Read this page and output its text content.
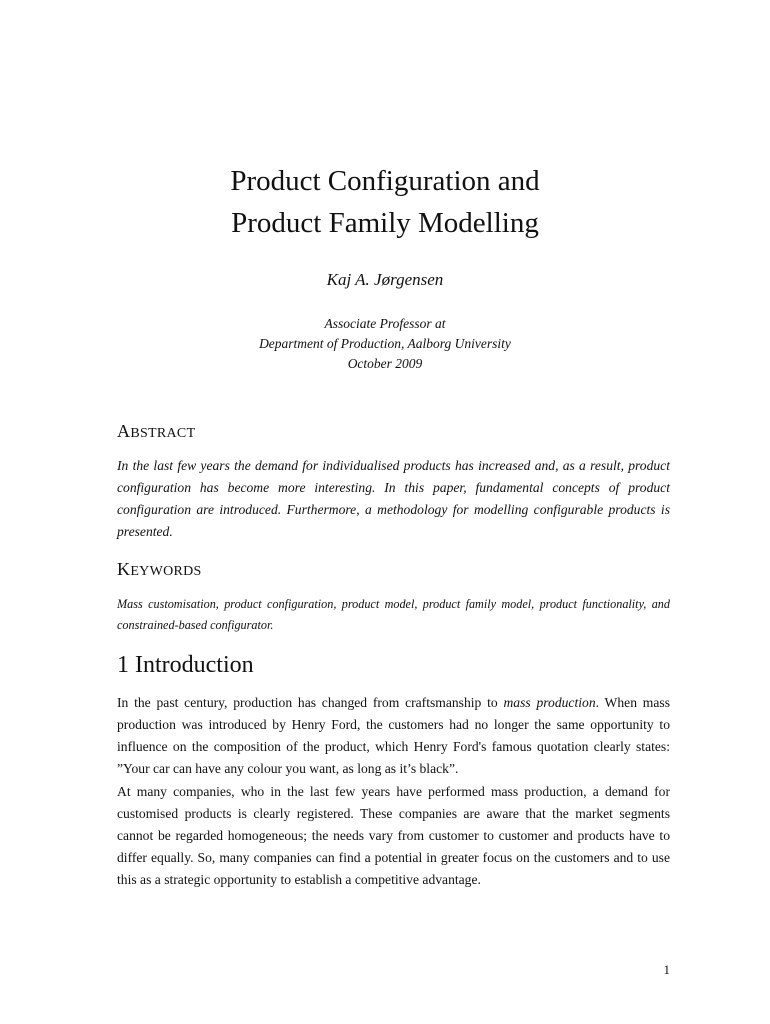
Product Configuration and
Product Family Modelling
Kaj A. Jørgensen
Associate Professor at
Department of Production, Aalborg University
October 2009
ABSTRACT
In the last few years the demand for individualised products has increased and, as a result, product configuration has become more interesting. In this paper, fundamental concepts of product configuration are introduced. Furthermore, a methodology for modelling configurable products is presented.
KEYWORDS
Mass customisation, product configuration, product model, product family model, product functionality, and constrained-based configurator.
1 Introduction
In the past century, production has changed from craftsmanship to mass production. When mass production was introduced by Henry Ford, the customers had no longer the same opportunity to influence on the composition of the product, which Henry Ford's famous quotation clearly states: ”Your car can have any colour you want, as long as it’s black”.
At many companies, who in the last few years have performed mass production, a demand for customised products is clearly registered. These companies are aware that the market segments cannot be regarded homogeneous; the needs vary from customer to customer and products have to differ equally. So, many companies can find a potential in greater focus on the customers and to use this as a strategic opportunity to establish a competitive advantage.
1
